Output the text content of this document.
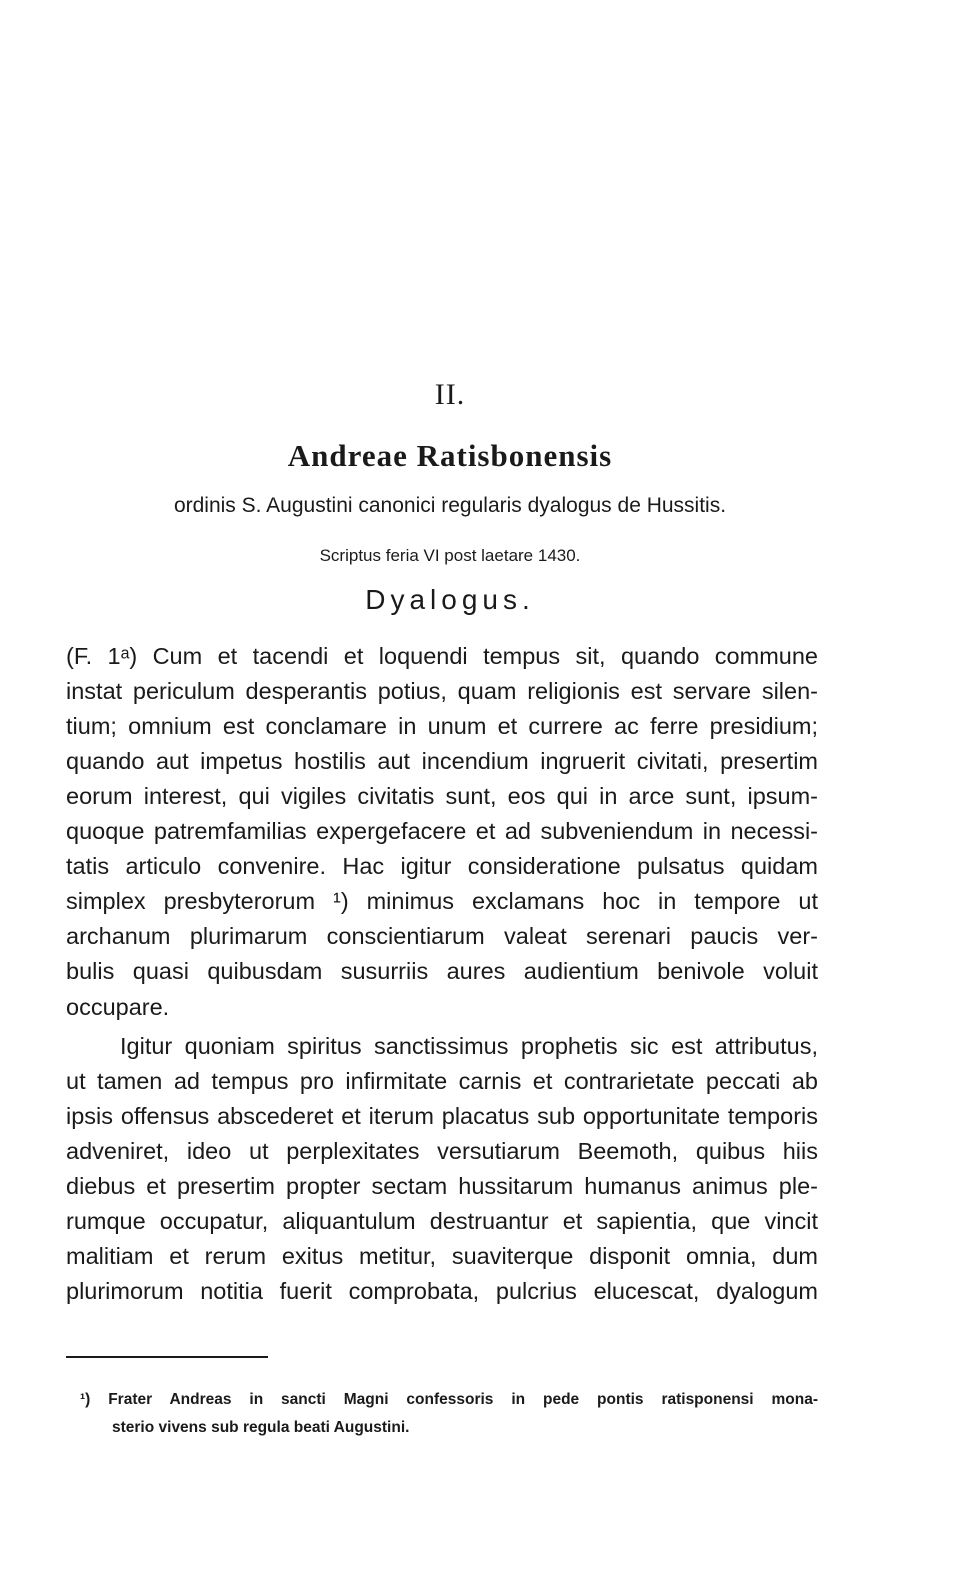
II.
Andreae Ratisbonensis
ordinis S. Augustini canonici regularis dyalogus de Hussitis.
Scriptus feria VI post laetare 1430.
Dyalogus.
(F. 1ᵃ) Cum et tacendi et loquendi tempus sit, quando commune
instat periculum desperantis potius, quam religionis est servare silen-
tium; omnium est conclamare in unum et currere ac ferre presidium;
quando aut impetus hostilis aut incendium ingruerit civitati, presertim
eorum interest, qui vigiles civitatis sunt, eos qui in arce sunt, ipsum-
quoque patremfamilias expergefacere et ad subveniendum in necessi-
tatis articulo convenire. Hac igitur consideratione pulsatus quidam
simplex presbyterorum ¹) minimus exclamans hoc in tempore ut
archanum plurimarum conscientiarum valeat serenari paucis ver-
bulis quasi quibusdam susurriis aures audientium benivole voluit
occupare.
Igitur quoniam spiritus sanctissimus prophetis sic est attributus,
ut tamen ad tempus pro infirmitate carnis et contrarietate peccati ab
ipsis offensus abscederet et iterum placatus sub opportunitate temporis
adveniret, ideo ut perplexitates versutiarum Beemoth, quibus hiis
diebus et presertim propter sectam hussitarum humanus animus ple-
rumque occupatur, aliquantulum destruantur et sapientia, que vincit
malitiam et rerum exitus metitur, suaviterque disponit omnia, dum
plurimorum notitia fuerit comprobata, pulcrius elucescat, dyalogum
¹) Frater Andreas in sancti Magni confessoris in pede pontis ratisponensi mona-
sterio vivens sub regula beati Augustini.
